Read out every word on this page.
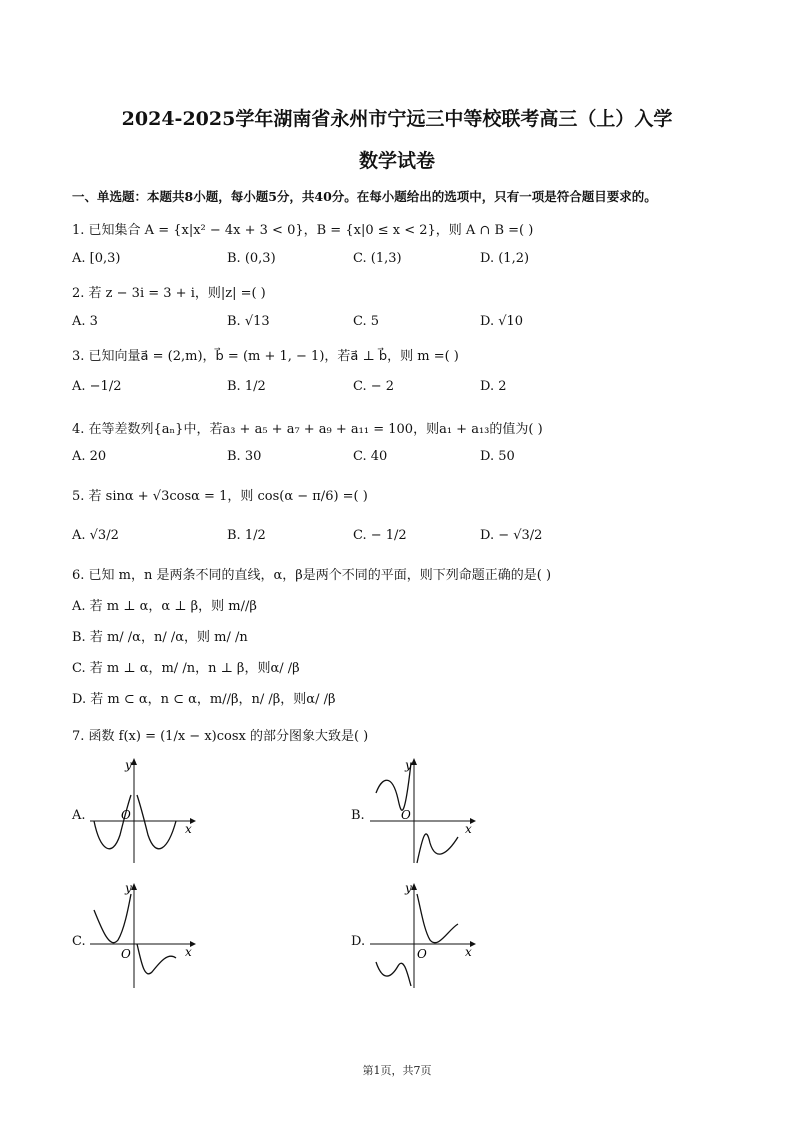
2024-2025学年湖南省永州市宁远三中等校联考高三（上）入学
数学试卷
一、单选题：本题共8小题，每小题5分，共40分。在每小题给出的选项中，只有一项是符合题目要求的。
1. 已知集合 A = {x|x² − 4x + 3 < 0}，B = {x|0 ≤ x < 2}，则 A ∩ B =( )
A. [0,3)	B. (0,3)	C. (1,3)	D. (1,2)
2. 若 z − 3i = 3 + i，则|z| =( )
A. 3	B. √13	C. 5	D. √10
3. 已知向量a⃗ = (2,m)，b⃗ = (m + 1, − 1)，若a⃗ ⊥ b⃗，则 m =( )
A. −1/2	B. 1/2	C. − 2	D. 2
4. 在等差数列{aₙ}中，若a₃ + a₅ + a₇ + a₉ + a₁₁ = 100，则a₁ + a₁₃的值为( )
A. 20	B. 30	C. 40	D. 50
5. 若 sinα + √3cosα = 1，则 cos(α − π/6) =( )
A. √3/2	B. 1/2	C. − 1/2	D. − √3/2
6. 已知 m，n 是两条不同的直线，α，β是两个不同的平面，则下列命题正确的是( )
A. 若 m ⊥ α，α ⊥ β，则 m//β
B. 若 m/ /α，n/ /α，则 m/ /n
C. 若 m ⊥ α，m/ /n，n ⊥ β，则α/ /β
D. 若 m ⊂ α，n ⊂ α，m//β，n/ /β，则α/ /β
7. 函数 f(x) = (1/x − x)cosx 的部分图象大致是( )
A.
y
x
O	B.
y
x
O
C.
y
x
O
D.
y
x
O
第1页，共7页
